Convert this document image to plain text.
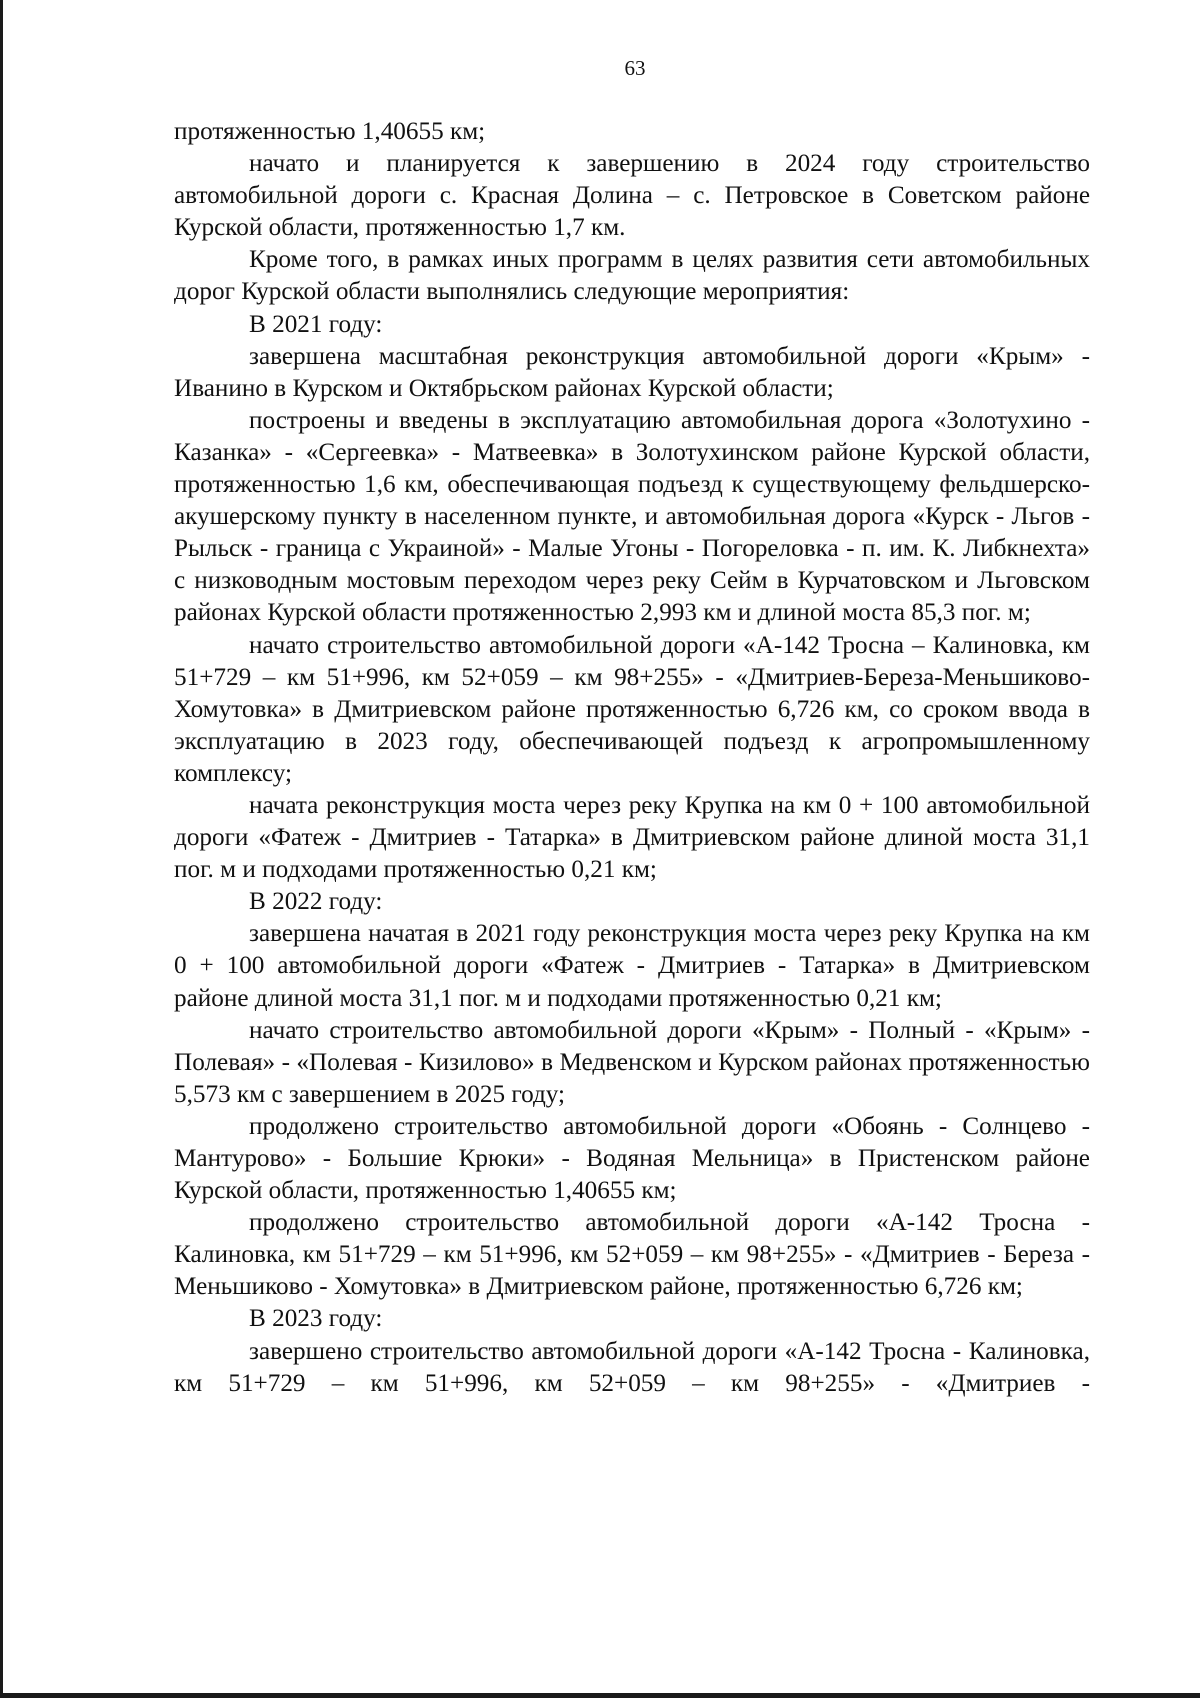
63

протяженностью 1,40655 км;

начато и планируется к завершению в 2024 году строительство автомобильной дороги с. Красная Долина – с. Петровское в Советском районе Курской области, протяженностью 1,7 км.

Кроме того, в рамках иных программ в целях развития сети автомобильных дорог Курской области выполнялись следующие мероприятия:

В 2021 году:

завершена масштабная реконструкция автомобильной дороги «Крым» - Иванино в Курском и Октябрьском районах Курской области;

построены и введены в эксплуатацию автомобильная дорога «Золотухино - Казанка» - «Сергеевка» - Матвеевка» в Золотухинском районе Курской области, протяженностью 1,6 км, обеспечивающая подъезд к существующему фельдшерско-акушерскому пункту в населенном пункте, и автомобильная дорога «Курск - Льгов - Рыльск - граница с Украиной» - Малые Угоны - Погореловка - п. им. К. Либкнехта» с низководным мостовым переходом через реку Сейм в Курчатовском и Льговском районах Курской области протяженностью 2,993 км и длиной моста 85,3 пог. м;

начато строительство автомобильной дороги «А-142 Тросна – Калиновка, км 51+729 – км 51+996, км 52+059 – км 98+255» - «Дмитриев-Береза-Меньшиково-Хомутовка» в Дмитриевском районе протяженностью 6,726 км, со сроком ввода в эксплуатацию в 2023 году, обеспечивающей подъезд к агропромышленному комплексу;

начата реконструкция моста через реку Крупка на км 0 + 100 автомобильной дороги «Фатеж - Дмитриев - Татарка» в Дмитриевском районе длиной моста 31,1 пог. м и подходами протяженностью 0,21 км;

В 2022 году:

завершена начатая в 2021 году реконструкция моста через реку Крупка на км 0 + 100 автомобильной дороги «Фатеж - Дмитриев - Татарка» в Дмитриевском районе длиной моста 31,1 пог. м и подходами протяженностью 0,21 км;

начато строительство автомобильной дороги «Крым» - Полный - «Крым» - Полевая» - «Полевая - Кизилово» в Медвенском и Курском районах протяженностью 5,573 км с завершением в 2025 году;

продолжено строительство автомобильной дороги «Обоянь - Солнцево - Мантурово» - Большие Крюки» - Водяная Мельница» в Пристенском районе Курской области, протяженностью 1,40655 км;

продолжено строительство автомобильной дороги «А-142 Тросна - Калиновка, км 51+729 – км 51+996, км 52+059 – км 98+255» - «Дмитриев - Береза - Меньшиково - Хомутовка» в Дмитриевском районе, протяженностью 6,726 км;

В 2023 году:

завершено строительство автомобильной дороги «А-142 Тросна - Калиновка, км 51+729 – км 51+996, км 52+059 – км 98+255» - «Дмитриев -
